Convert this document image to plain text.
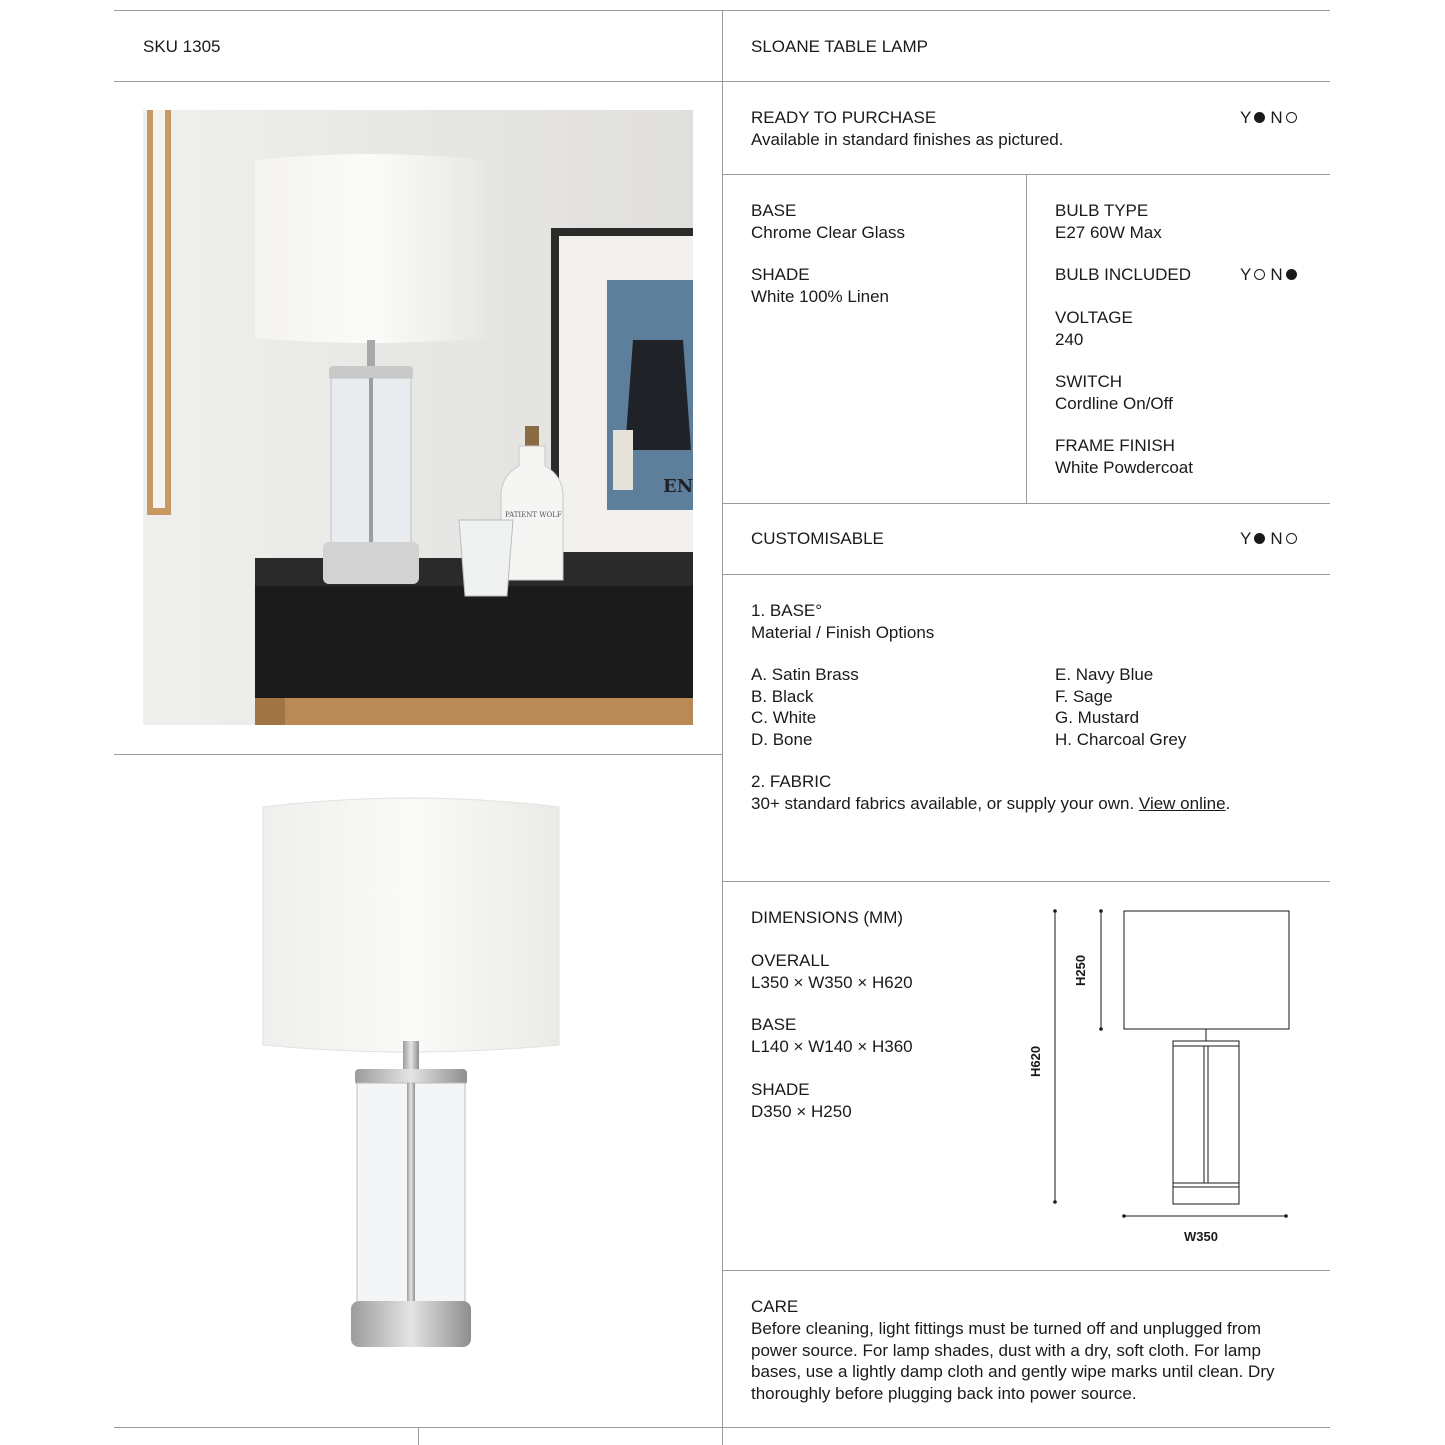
SKU 1305	SLOANE TABLE LAMP
EN
PATIENT WOLF
READY TO PURCHASE
Available in standard finishes as pictured.
Y N
BASE
Chrome Clear Glass
SHADE
White 100% Linen
BULB TYPE
E27 60W Max
BULB INCLUDED	Y N
VOLTAGE
240
SWITCH
Cordline On/Off
FRAME FINISH
White Powdercoat
CUSTOMISABLE	Y N
1. BASE°
Material / Finish Options
A. Satin Brass
B. Black
C. White
D. Bone
E. Navy Blue
F. Sage
G. Mustard
H. Charcoal Grey
2. FABRIC
30+ standard fabrics available, or supply your own. View online.
DIMENSIONS (MM)
OVERALL
L350 × W350 × H620
BASE
L140 × W140 × H360
SHADE
D350 × H250
H250
H620
W350
CARE
Before cleaning, light fittings must be turned off and unplugged from power source. For lamp shades, dust with a dry, soft cloth. For lamp bases, use a lightly damp cloth and gently wipe marks until clean. Dry thoroughly before plugging back into power source.
